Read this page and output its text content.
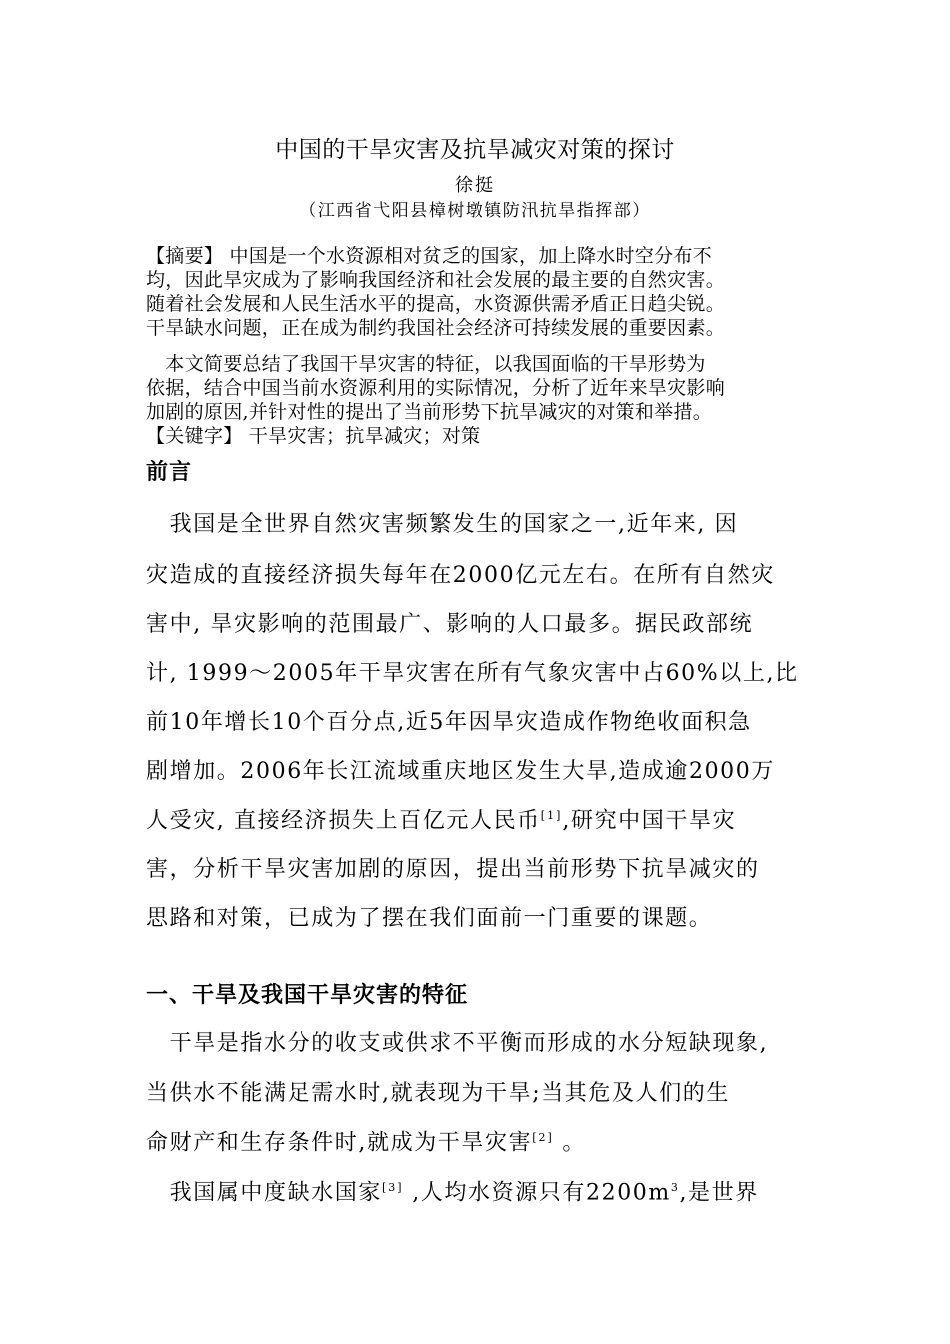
中国的干旱灾害及抗旱减灾对策的探讨
徐挺
（江西省弋阳县樟树墩镇防汛抗旱指挥部）
【摘要】 中国是一个水资源相对贫乏的国家，加上降水时空分布不
均，因此旱灾成为了影响我国经济和社会发展的最主要的自然灾害。
随着社会发展和人民生活水平的提高，水资源供需矛盾正日趋尖锐。
干旱缺水问题，正在成为制约我国社会经济可持续发展的重要因素。
　本文简要总结了我国干旱灾害的特征，以我国面临的干旱形势为
依据，结合中国当前水资源利用的实际情况，分析了近年来旱灾影响
加剧的原因,并针对性的提出了当前形势下抗旱减灾的对策和举措。
【关键字】 干旱灾害；抗旱减灾；对策
前言
　我国是全世界自然灾害频繁发生的国家之一,近年来, 因
灾造成的直接经济损失每年在2000亿元左右。在所有自然灾
害中, 旱灾影响的范围最广、影响的人口最多。据民政部统
计, 1999～2005年干旱灾害在所有气象灾害中占60%以上,比
前10年增长10个百分点,近5年因旱灾造成作物绝收面积急
剧增加。2006年长江流域重庆地区发生大旱,造成逾2000万
人受灾, 直接经济损失上百亿元人民币[1],研究中国干旱灾
害，分析干旱灾害加剧的原因，提出当前形势下抗旱减灾的
思路和对策，已成为了摆在我们面前一门重要的课题。
一、干旱及我国干旱灾害的特征
　干旱是指水分的收支或供求不平衡而形成的水分短缺现象,
当供水不能满足需水时,就表现为干旱;当其危及人们的生
命财产和生存条件时,就成为干旱灾害[2] 。
　我国属中度缺水国家[3] ,人均水资源只有$2200m^3$,是世界
